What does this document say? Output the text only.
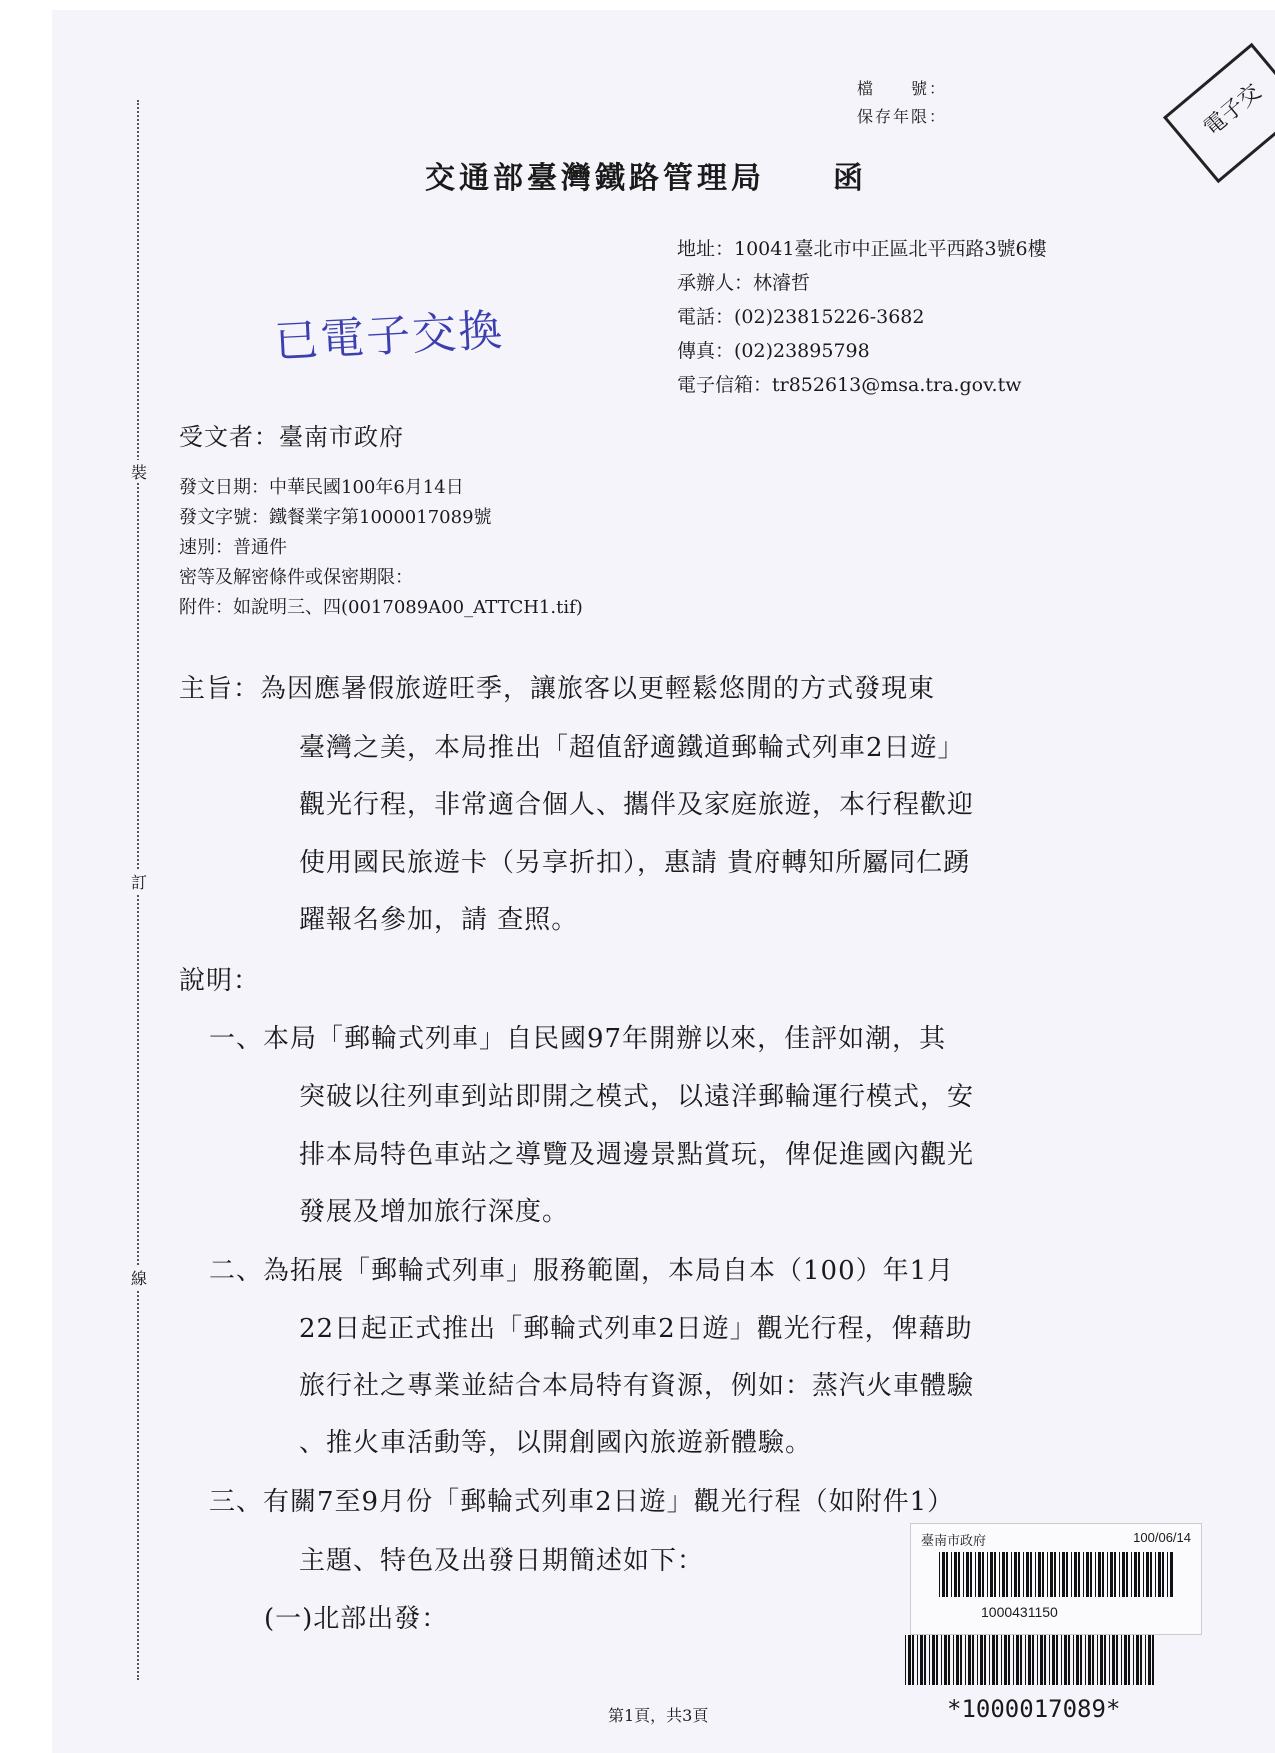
裝
訂
線
檔　　號：
保存年限：	電子交
交通部臺灣鐵路管理局　　函
地址：10041臺北市中正區北平西路3號6樓
承辦人：林濬哲
電話：(02)23815226-3682
傳真：(02)23895798
電子信箱：tr852613@msa.tra.gov.tw
已電子交換
受文者：臺南市政府
發文日期：中華民國100年6月14日
發文字號：鐵餐業字第1000017089號
速別：普通件
密等及解密條件或保密期限：
附件：如說明三、四(0017089A00_ATTCH1.tif)
主旨：為因應暑假旅遊旺季，讓旅客以更輕鬆悠閒的方式發現東
臺灣之美，本局推出「超值舒適鐵道郵輪式列車2日遊」
觀光行程，非常適合個人、攜伴及家庭旅遊，本行程歡迎
使用國民旅遊卡（另享折扣），惠請 貴府轉知所屬同仁踴
躍報名參加，請 查照。
說明：
一、本局「郵輪式列車」自民國97年開辦以來，佳評如潮，其
突破以往列車到站即開之模式，以遠洋郵輪運行模式，安
排本局特色車站之導覽及週邊景點賞玩，俾促進國內觀光
發展及增加旅行深度。
二、為拓展「郵輪式列車」服務範圍，本局自本（100）年1月
22日起正式推出「郵輪式列車2日遊」觀光行程，俾藉助
旅行社之專業並結合本局特有資源，例如：蒸汽火車體驗
、推火車活動等，以開創國內旅遊新體驗。
三、有關7至9月份「郵輪式列車2日遊」觀光行程（如附件1）
主題、特色及出發日期簡述如下：
(一)北部出發：
臺南市政府	100/06/14
1000431150
*1000017089*
第1頁，共3頁
